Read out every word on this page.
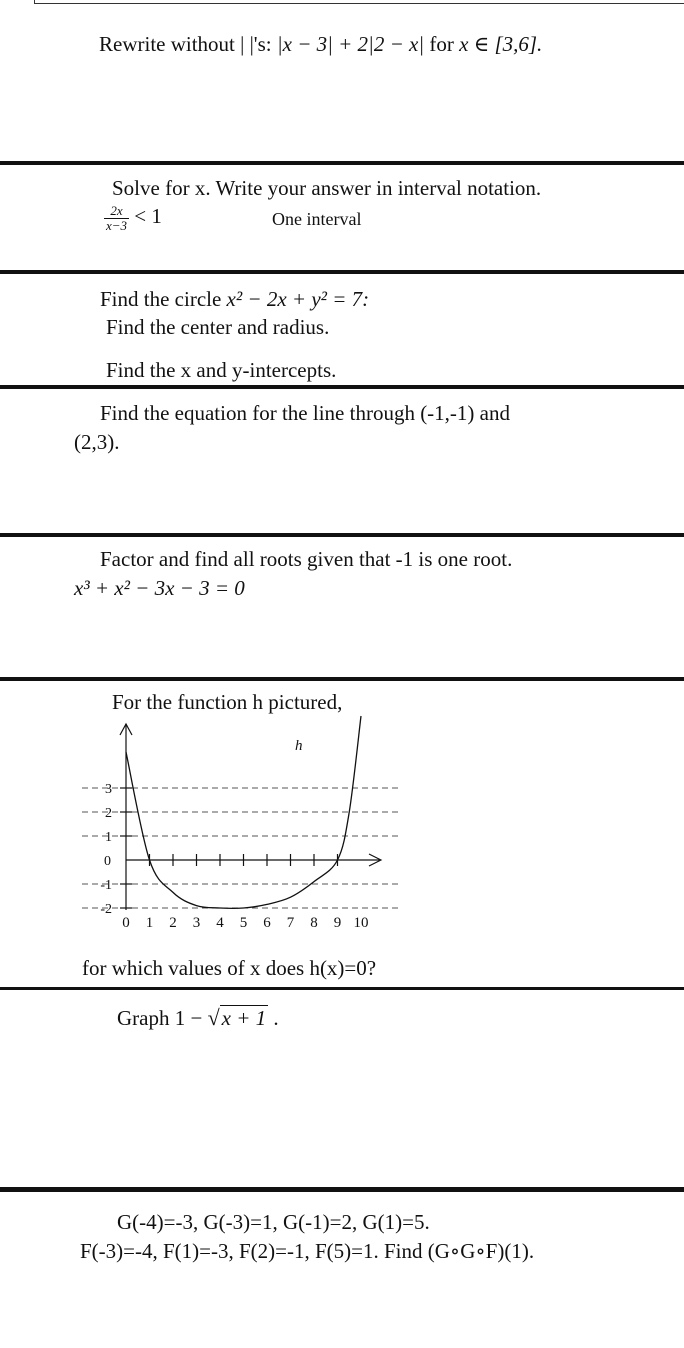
Rewrite without | |'s: |x − 3| + 2|2 − x| for x ∈ [3,6].
Solve for x. Write your answer in interval notation.
$\frac{2x}{x-3} < 1$	One interval
Find the circle x² − 2x + y² = 7:
Find the center and radius.
Find the x and y-intercepts.
Find the equation for the line through (-1,-1) and
(2,3).
Factor and find all roots given that -1 is one root.
x³ + x² − 3x − 3 = 0
For the function h pictured,
0 1 2 3 4 5 6 7 8 9 10
3
2
1
0
-1
-2
h
for which values of x does h(x)=0?
Graph 1 − √x + 1 .
G(-4)=-3, G(-3)=1, G(-1)=2, G(1)=5.
F(-3)=-4, F(1)=-3, F(2)=-1, F(5)=1. Find (G∘G∘F)(1).
